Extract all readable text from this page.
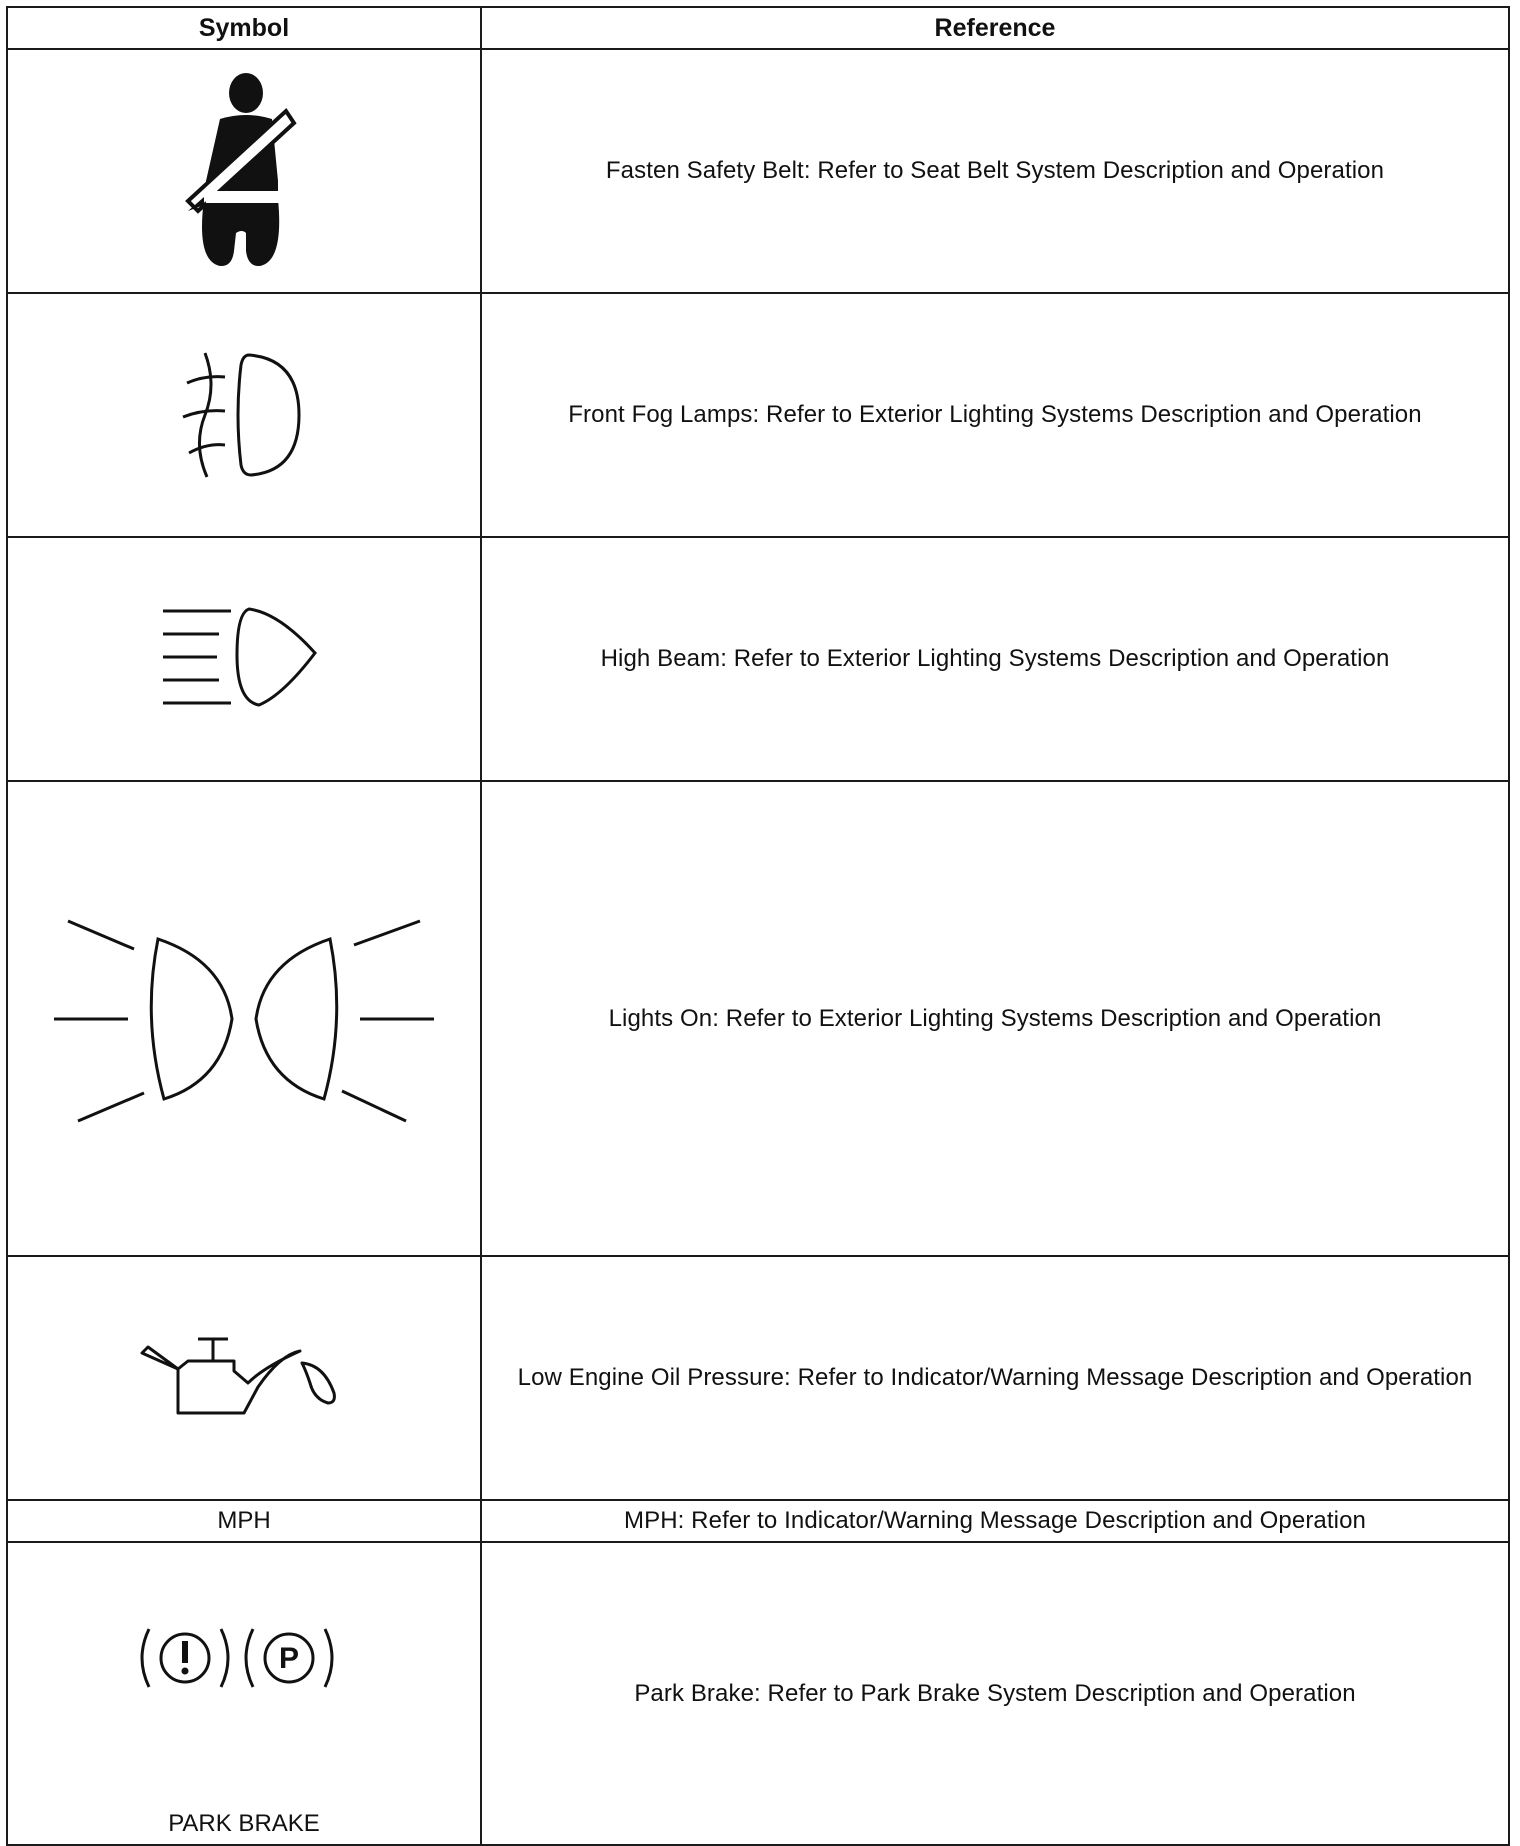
Symbol	Reference

	Fasten Safety Belt: Refer to Seat Belt System Description and Operation

	Front Fog Lamps: Refer to Exterior Lighting Systems Description and Operation

	High Beam: Refer to Exterior Lighting Systems Description and Operation

	Lights On: Refer to Exterior Lighting Systems Description and Operation

	Low Engine Oil Pressure: Refer to Indicator/Warning Message Description and Operation
MPH	MPH: Refer to Indicator/Warning Message Description and Operation

P
PARK BRAKE	Park Brake: Refer to Park Brake System Description and Operation
